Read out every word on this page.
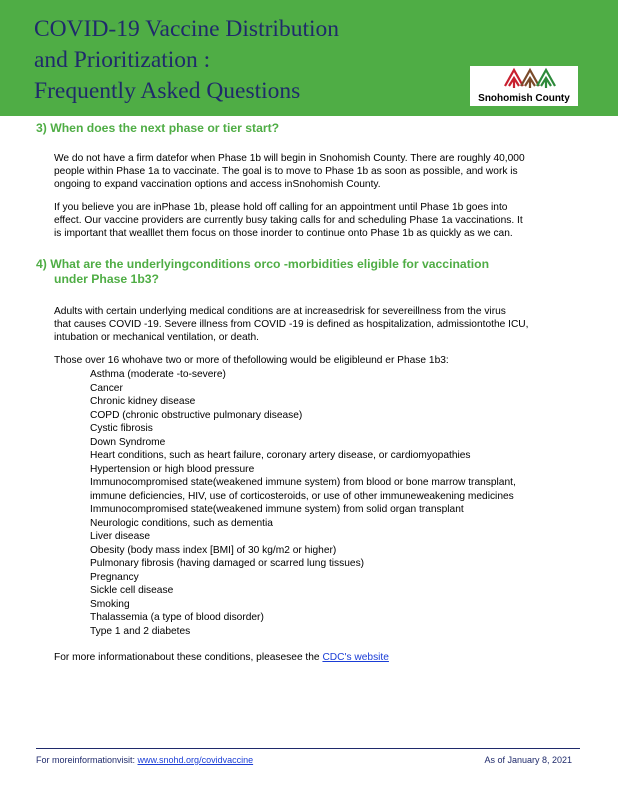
COVID-19 Vaccine Distribution
and Prioritization :
Frequently Asked Questions	Snohomish County
3) When does the next phase or tier start?
We do not have a firm datefor when Phase 1b will begin in Snohomish County. There are roughly 40,000
people within Phase 1a to vaccinate. The goal is to move to Phase 1b as soon as possible, and work is
ongoing to expand vaccination options and access inSnohomish County.
If you believe you are inPhase 1b, please hold off calling for an appointment until Phase 1b goes into
effect. Our vaccine providers are currently busy taking calls for and scheduling Phase 1a vaccinations. It
is important that wealllet them focus on those inorder to continue onto Phase 1b as quickly as we can.
4) What are the underlyingconditions orco -morbidities eligible for vaccination
under Phase 1b3?
Adults with certain underlying medical conditions are at increasedrisk for severeillness from the virus
that causes COVID -19. Severe illness from COVID -19 is defined as hospitalization, admissiontothe ICU,
intubation or mechanical ventilation, or death.
Those over 16 whohave two or more of thefollowing would be eligibleund er Phase 1b3:
Asthma (moderate -to-severe)
Cancer
Chronic kidney disease
COPD (chronic obstructive pulmonary disease)
Cystic fibrosis
Down Syndrome
Heart conditions, such as heart failure, coronary artery disease, or cardiomyopathies
Hypertension or high blood pressure
Immunocompromised state(weakened immune system) from blood or bone marrow transplant,
immune deficiencies, HIV, use of corticosteroids, or use of other immuneweakening medicines
Immunocompromised state(weakened immune system) from solid organ transplant
Neurologic conditions, such as dementia
Liver disease
Obesity (body mass index [BMI] of 30 kg/m2 or higher)
Pulmonary fibrosis (having damaged or scarred lung tissues)
Pregnancy
Sickle cell disease
Smoking
Thalassemia (a type of blood disorder)
Type 1 and 2 diabetes
For more informationabout these conditions, pleasesee the CDC's website
For moreinformationvisit: www.snohd.org/covidvaccine	As of January 8, 2021
